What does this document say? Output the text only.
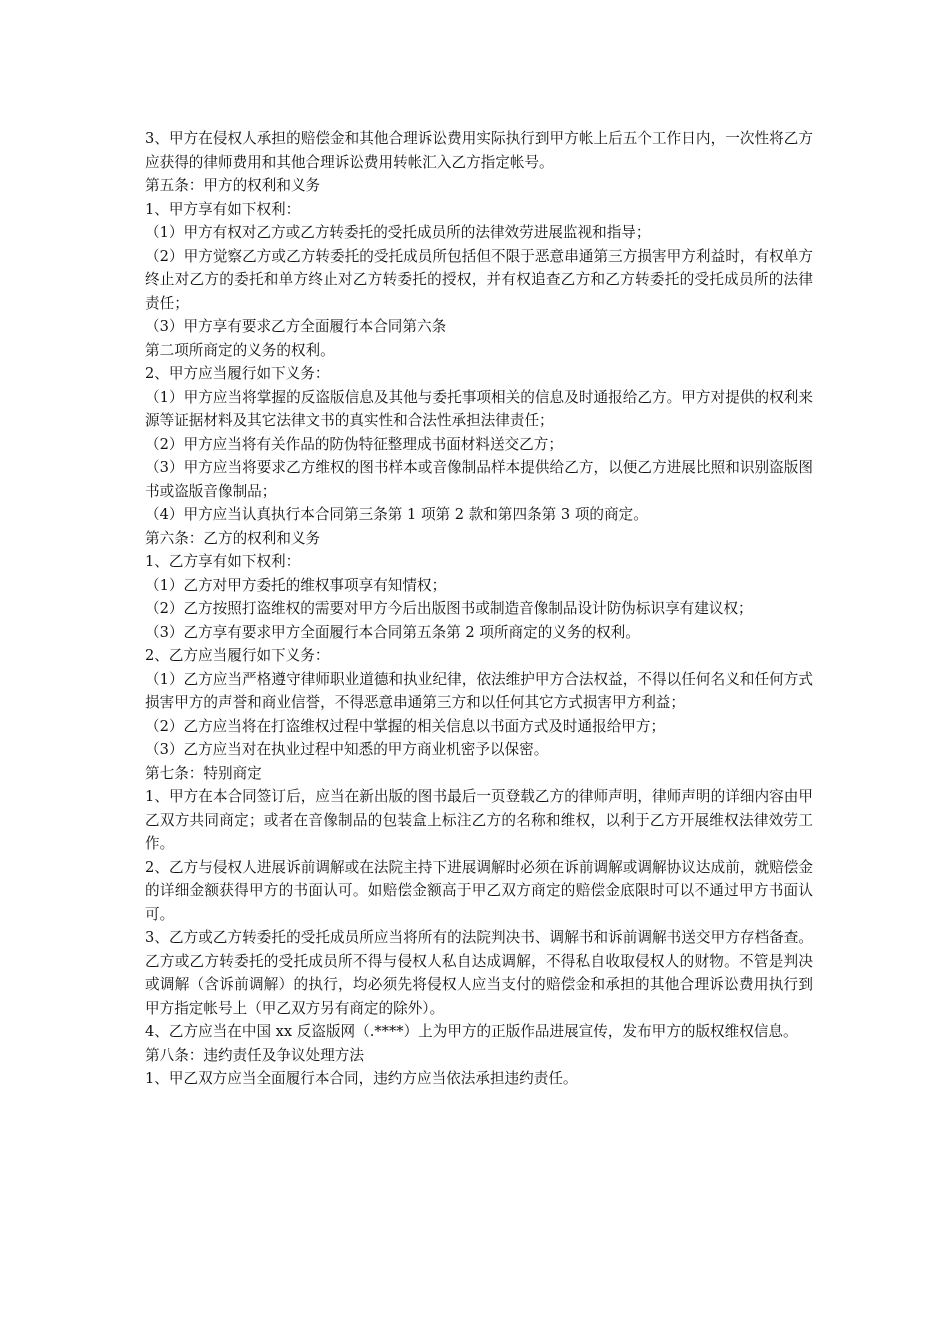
3、甲方在侵权人承担的赔偿金和其他合理诉讼费用实际执行到甲方帐上后五个工作日内，一次性将乙方应获得的律师费用和其他合理诉讼费用转帐汇入乙方指定帐号。

第五条：甲方的权利和义务

1、甲方享有如下权利：

（1）甲方有权对乙方或乙方转委托的受托成员所的法律效劳进展监视和指导；

（2）甲方觉察乙方或乙方转委托的受托成员所包括但不限于恶意串通第三方损害甲方利益时，有权单方终止对乙方的委托和单方终止对乙方转委托的授权，并有权追查乙方和乙方转委托的受托成员所的法律责任；

（3）甲方享有要求乙方全面履行本合同第六条

第二项所商定的义务的权利。

2、甲方应当履行如下义务：

（1）甲方应当将掌握的反盗版信息及其他与委托事项相关的信息及时通报给乙方。甲方对提供的权利来源等证据材料及其它法律文书的真实性和合法性承担法律责任；

（2）甲方应当将有关作品的防伪特征整理成书面材料送交乙方；

（3）甲方应当将要求乙方维权的图书样本或音像制品样本提供给乙方，以便乙方进展比照和识别盗版图书或盗版音像制品；

（4）甲方应当认真执行本合同第三条第 1 项第 2 款和第四条第 3 项的商定。

第六条：乙方的权利和义务

1、乙方享有如下权利：

（1）乙方对甲方委托的维权事项享有知情权；

（2）乙方按照打盗维权的需要对甲方今后出版图书或制造音像制品设计防伪标识享有建议权；

（3）乙方享有要求甲方全面履行本合同第五条第 2 项所商定的义务的权利。

2、乙方应当履行如下义务：

（1）乙方应当严格遵守律师职业道德和执业纪律，依法维护甲方合法权益，不得以任何名义和任何方式损害甲方的声誉和商业信誉，不得恶意串通第三方和以任何其它方式损害甲方利益；

（2）乙方应当将在打盗维权过程中掌握的相关信息以书面方式及时通报给甲方；

（3）乙方应当对在执业过程中知悉的甲方商业机密予以保密。

第七条：特别商定

1、甲方在本合同签订后，应当在新出版的图书最后一页登载乙方的律师声明，律师声明的详细内容由甲乙双方共同商定；或者在音像制品的包装盒上标注乙方的名称和维权，以利于乙方开展维权法律效劳工作。

2、乙方与侵权人进展诉前调解或在法院主持下进展调解时必须在诉前调解或调解协议达成前，就赔偿金的详细金额获得甲方的书面认可。如赔偿金额高于甲乙双方商定的赔偿金底限时可以不通过甲方书面认可。

3、乙方或乙方转委托的受托成员所应当将所有的法院判决书、调解书和诉前调解书送交甲方存档备查。乙方或乙方转委托的受托成员所不得与侵权人私自达成调解，不得私自收取侵权人的财物。不管是判决或调解（含诉前调解）的执行，均必须先将侵权人应当支付的赔偿金和承担的其他合理诉讼费用执行到甲方指定帐号上（甲乙双方另有商定的除外）。

4、乙方应当在中国 xx 反盗版网（.****）上为甲方的正版作品进展宣传，发布甲方的版权维权信息。

第八条：违约责任及争议处理方法

1、甲乙双方应当全面履行本合同，违约方应当依法承担违约责任。
